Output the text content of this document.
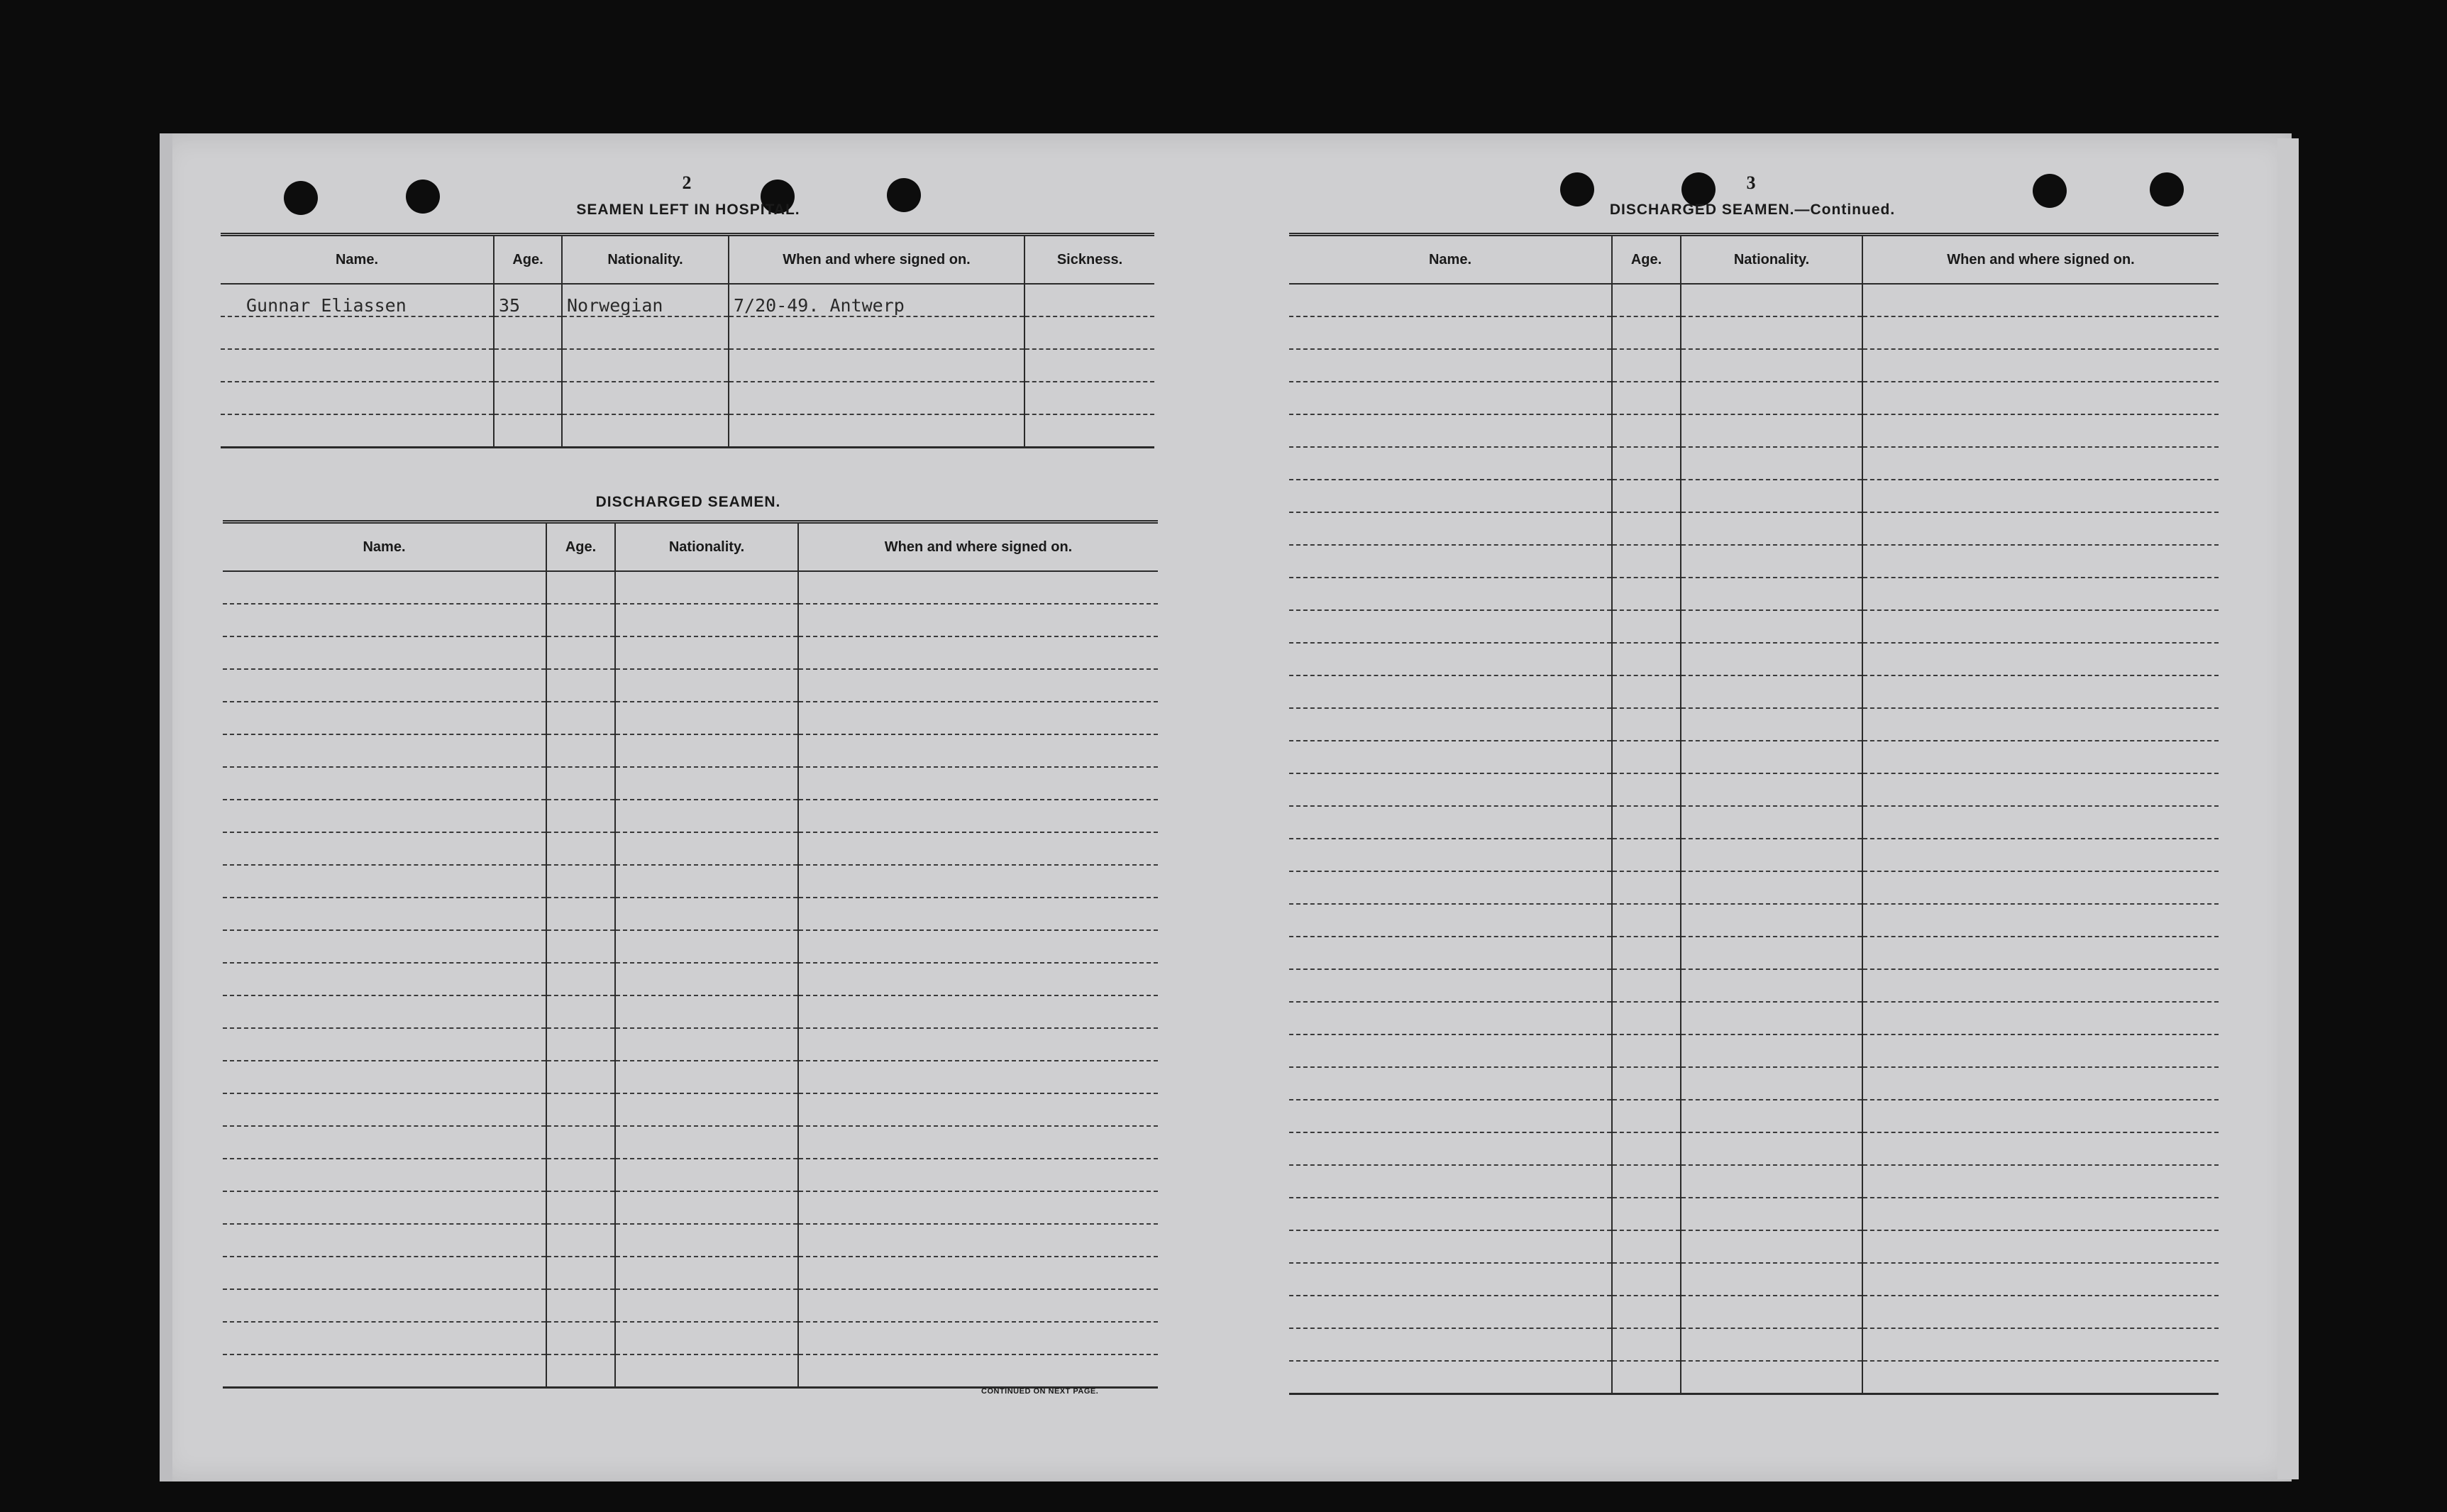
2
SEAMEN LEFT IN HOSPITAL.
Name.	Age.	Nationality.	When and where signed on.	Sickness.
Gunnar Eliassen	35	Norwegian	7/20-49. Antwerp	

DISCHARGED SEAMEN.
Name.	Age.	Nationality.	When and where signed on.

CONTINUED ON NEXT PAGE.
3
DISCHARGED SEAMEN.—Continued.
Name.	Age.	Nationality.	When and where signed on.
